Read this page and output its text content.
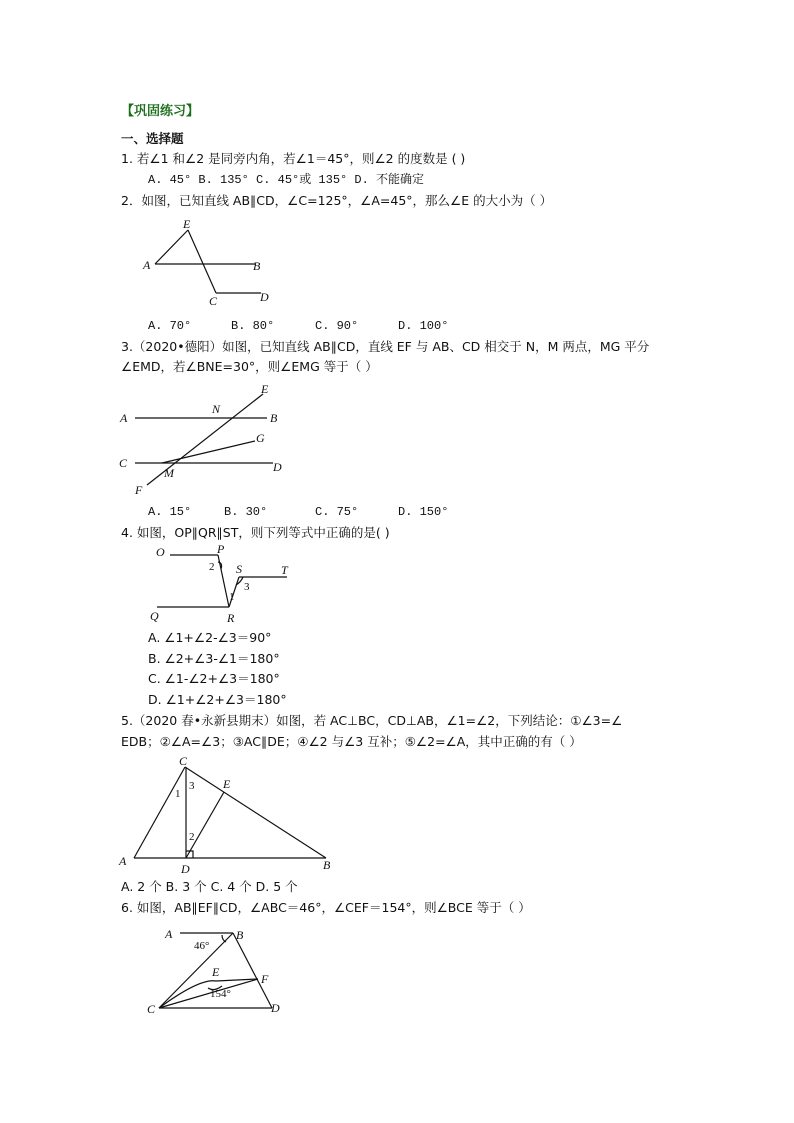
【巩固练习】
一、选择题
1. 若∠1 和∠2 是同旁内角，若∠1＝45°，则∠2 的度数是 ( )
A. 45° B. 135° C. 45°或 135° D. 不能确定
2．如图，已知直线 AB∥CD，∠C=125°，∠A=45°，那么∠E 的大小为（ ）
E
A	B
C	D
A. 70°	B. 80°	C. 90°	D. 100°
3.（2020•德阳）如图，已知直线 AB∥CD，直线 EF 与 AB、CD 相交于 N，M 两点，MG 平分
∠EMD，若∠BNE=30°，则∠EMG 等于（ ）
E
A
N
B
G
C
M	D
F
A. 15°	B. 30°	C. 75°	D. 150°
4. 如图，OP∥QR∥ST，则下列等式中正确的是( )
O	P
S	T
Q	R
1
2
3
A. ∠1+∠2-∠3＝90°
B. ∠2+∠3-∠1＝180°
C. ∠1-∠2+∠3＝180°
D. ∠1+∠2+∠3＝180°
5.（2020 春•永新县期末）如图，若 AC⊥BC，CD⊥AB，∠1=∠2，下列结论：①∠3=∠
EDB；②∠A=∠3；③AC∥DE；④∠2 与∠3 互补；⑤∠2=∠A，其中正确的有（ ）
C
E
A
D	B
1
2
3
A. 2 个 B. 3 个 C. 4 个 D. 5 个
6. 如图，AB∥EF∥CD，∠ABC＝46°，∠CEF＝154°，则∠BCE 等于（ ）
A	B
46°
E	F
154°
C	D
